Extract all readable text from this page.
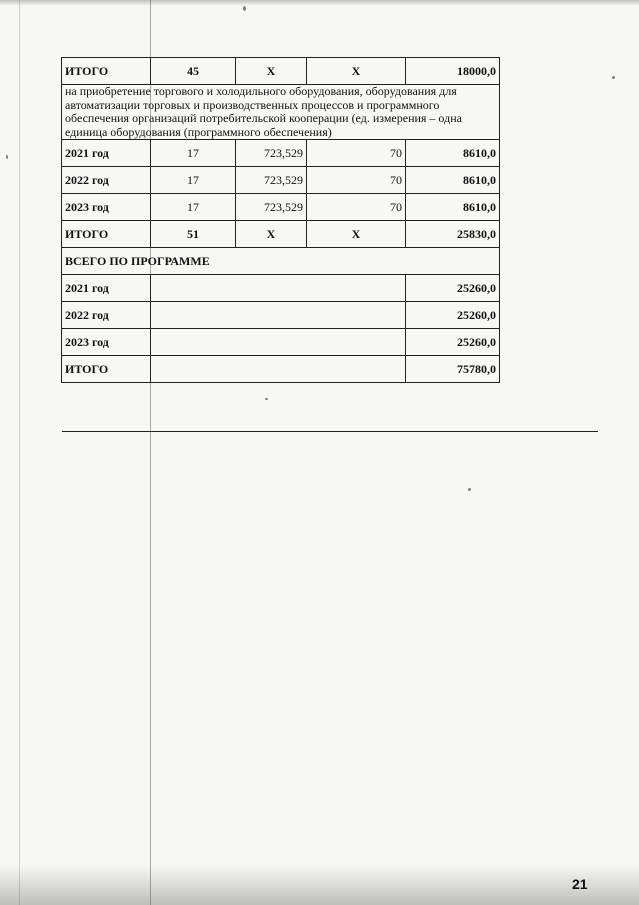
ИТОГО	45	Х	Х	18000,0
на приобретение торгового и холодильного оборудования, оборудования для автоматизации торговых и производственных процессов и программного обеспечения организаций потребительской кооперации (ед. измерения – одна единица оборудования (программного обеспечения)				
2021 год	17	723,529	70	8610,0
2022 год	17	723,529	70	8610,0
2023 год	17	723,529	70	8610,0
ИТОГО	51	Х	Х	25830,0
ВСЕГО ПО ПРОГРАММЕ				
2021 год				25260,0
2022 год				25260,0
2023 год				25260,0
ИТОГО				75780,0
21
